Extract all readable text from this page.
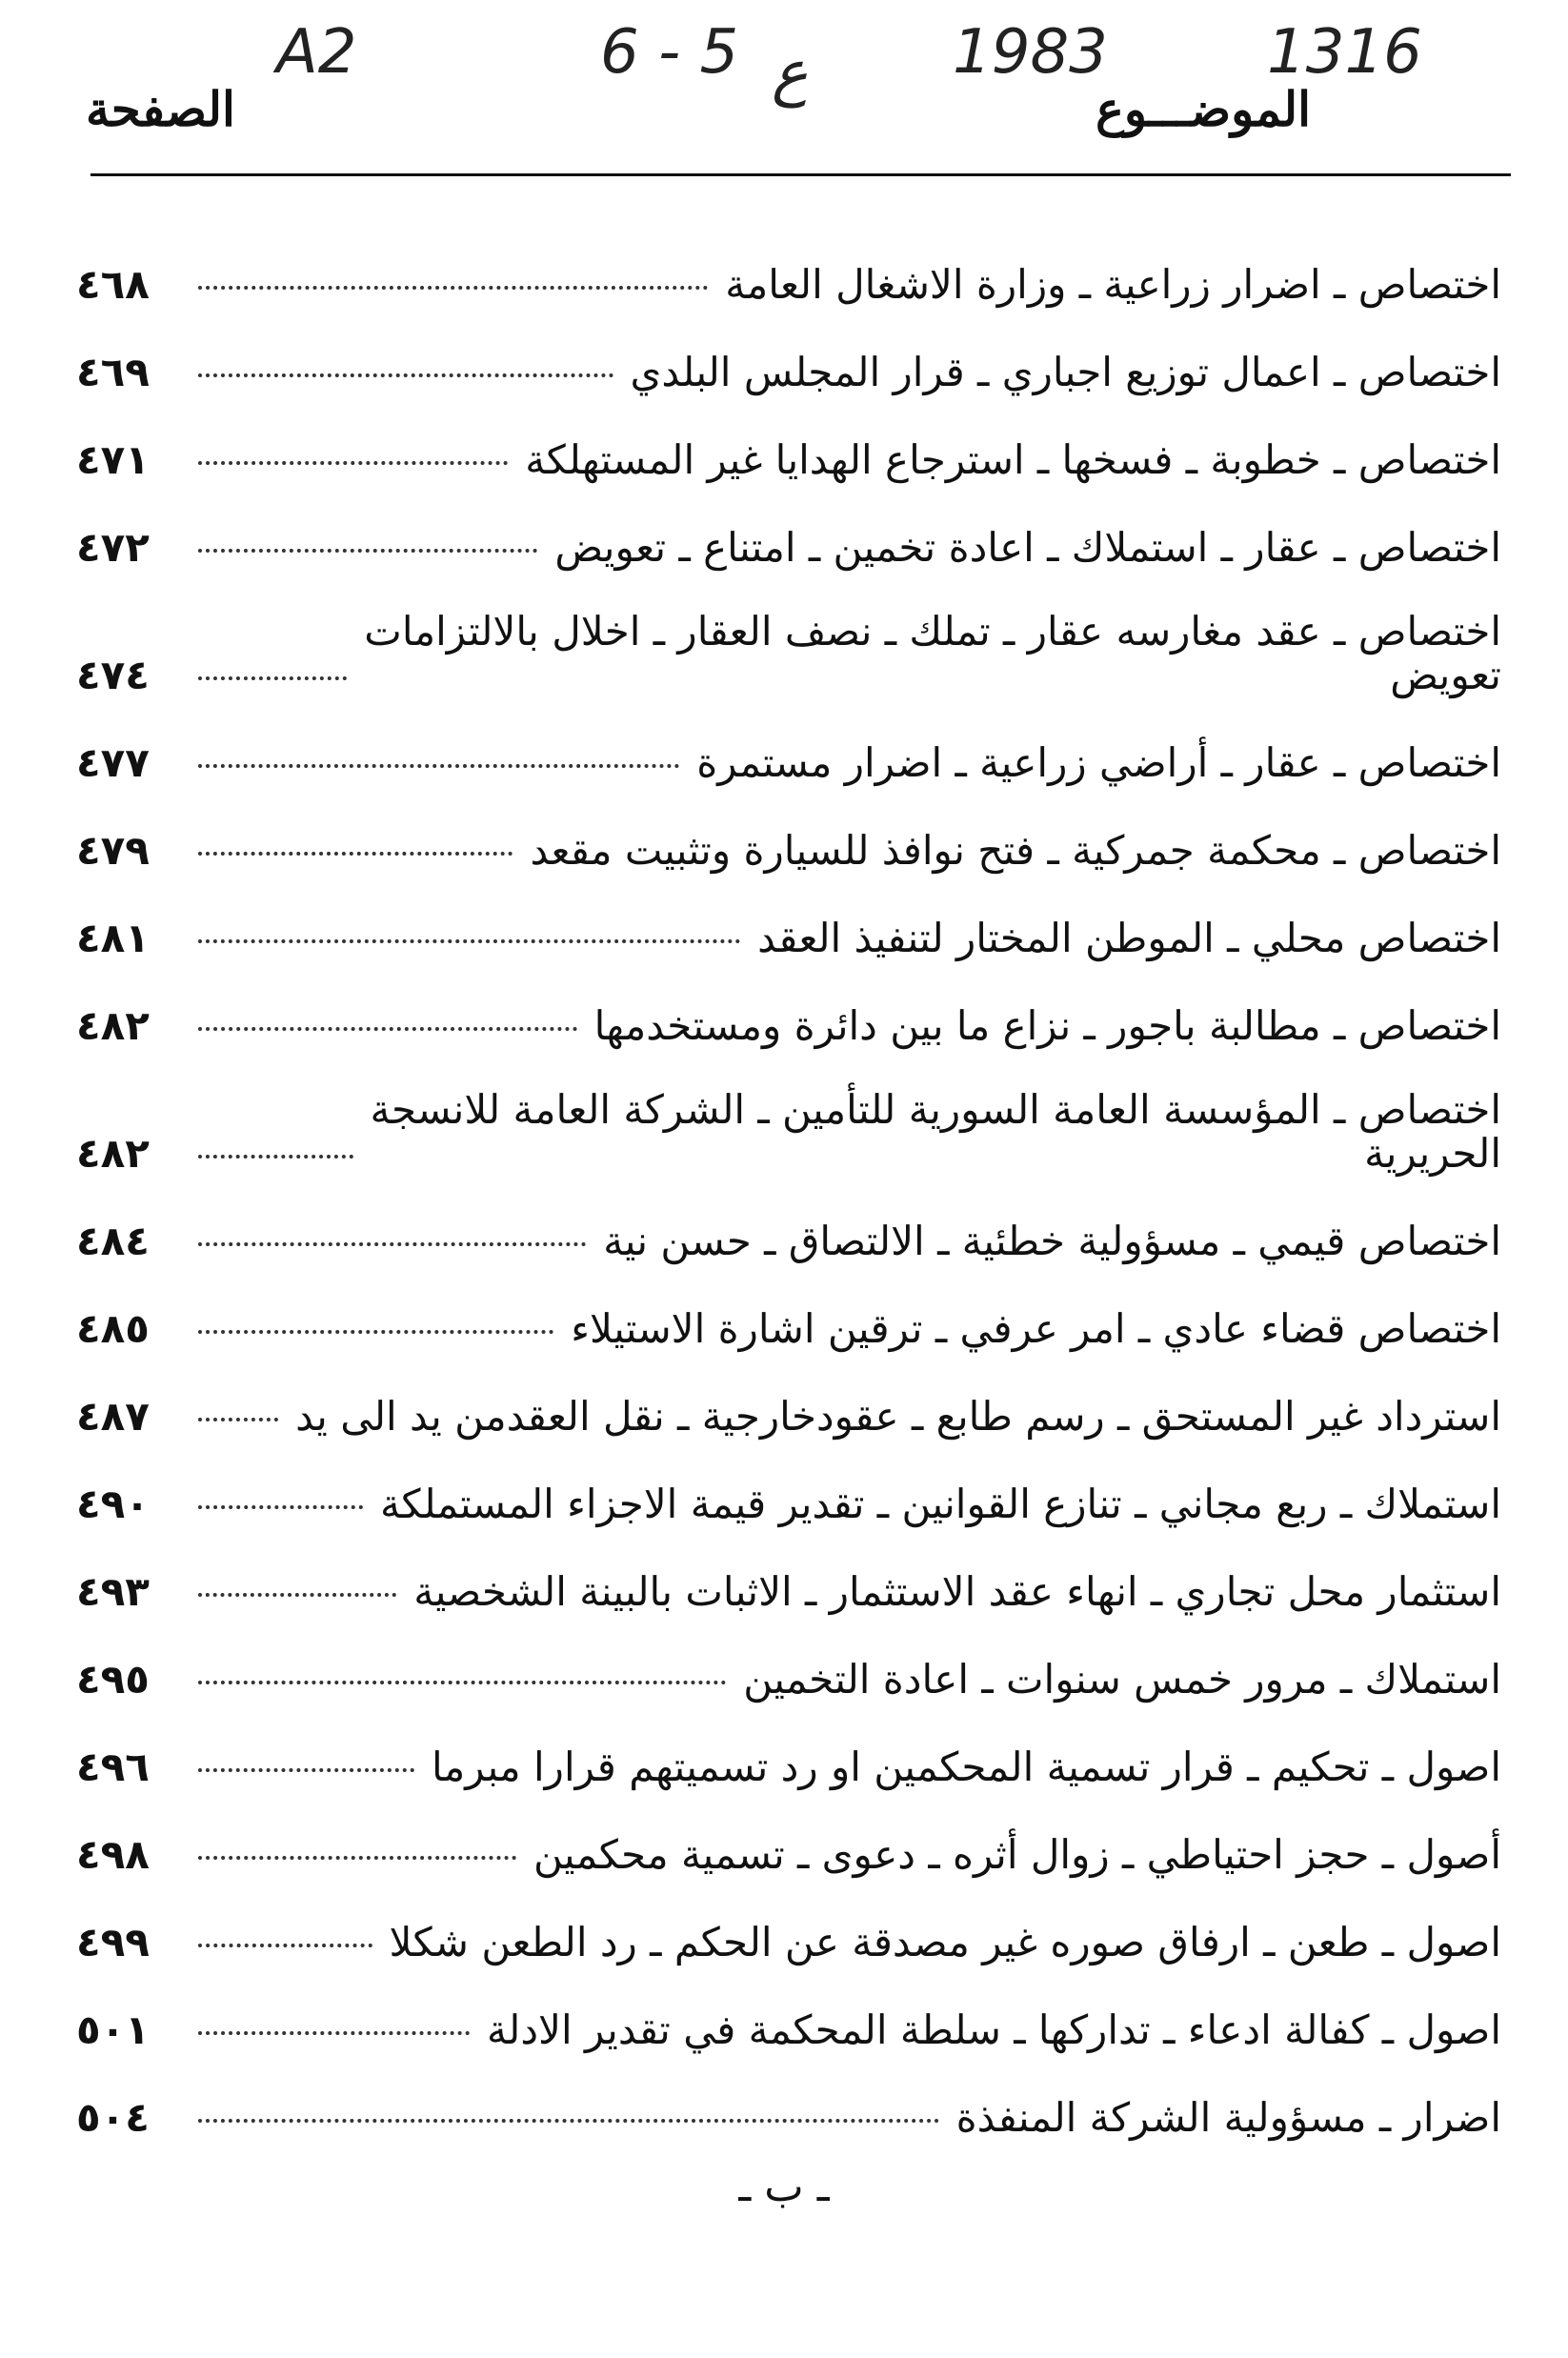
A2	6 - 5 ع 1983	1316
الموضـــوع
الصفحة
اختصاص ـ اضرار زراعية ـ وزارة الاشغال العامة
٤٦٨
اختصاص ـ اعمال توزيع اجباري ـ قرار المجلس البلدي
٤٦٩
اختصاص ـ خطوبة ـ فسخها ـ استرجاع الهدايا غير المستهلكة
٤٧١
اختصاص ـ عقار ـ استملاك ـ اعادة تخمين ـ امتناع ـ تعويض
٤٧٢
اختصاص ـ عقد مغارسه عقار ـ تملك ـ نصف العقار ـ اخلال بالالتزامات
تعويض
٤٧٤
اختصاص ـ عقار ـ أراضي زراعية ـ اضرار مستمرة
٤٧٧
اختصاص ـ محكمة جمركية ـ فتح نوافذ للسيارة وتثبيت مقعد
٤٧٩
اختصاص محلي ـ الموطن المختار لتنفيذ العقد
٤٨١
اختصاص ـ مطالبة باجور ـ نزاع ما بين دائرة ومستخدمها
٤٨٢
اختصاص ـ المؤسسة العامة السورية للتأمين ـ الشركة العامة للانسجة
الحريرية
٤٨٢
اختصاص قيمي ـ مسؤولية خطئية ـ الالتصاق ـ حسن نية
٤٨٤
اختصاص قضاء عادي ـ امر عرفي ـ ترقين اشارة الاستيلاء
٤٨٥
استرداد غير المستحق ـ رسم طابع ـ عقودخارجية ـ نقل العقدمن يد الى يد
٤٨٧
استملاك ـ ربع مجاني ـ تنازع القوانين ـ تقدير قيمة الاجزاء المستملكة
٤٩٠
استثمار محل تجاري ـ انهاء عقد الاستثمار ـ الاثبات بالبينة الشخصية
٤٩٣
استملاك ـ مرور خمس سنوات ـ اعادة التخمين
٤٩٥
اصول ـ تحكيم ـ قرار تسمية المحكمين او رد تسميتهم قرارا مبرما
٤٩٦
أصول ـ حجز احتياطي ـ زوال أثره ـ دعوى ـ تسمية محكمين
٤٩٨
اصول ـ طعن ـ ارفاق صوره غير مصدقة عن الحكم ـ رد الطعن شكلا
٤٩٩
اصول ـ كفالة ادعاء ـ تداركها ـ سلطة المحكمة في تقدير الادلة
٥٠١
اضرار ـ مسؤولية الشركة المنفذة
٥٠٤
ـ ب ـ
